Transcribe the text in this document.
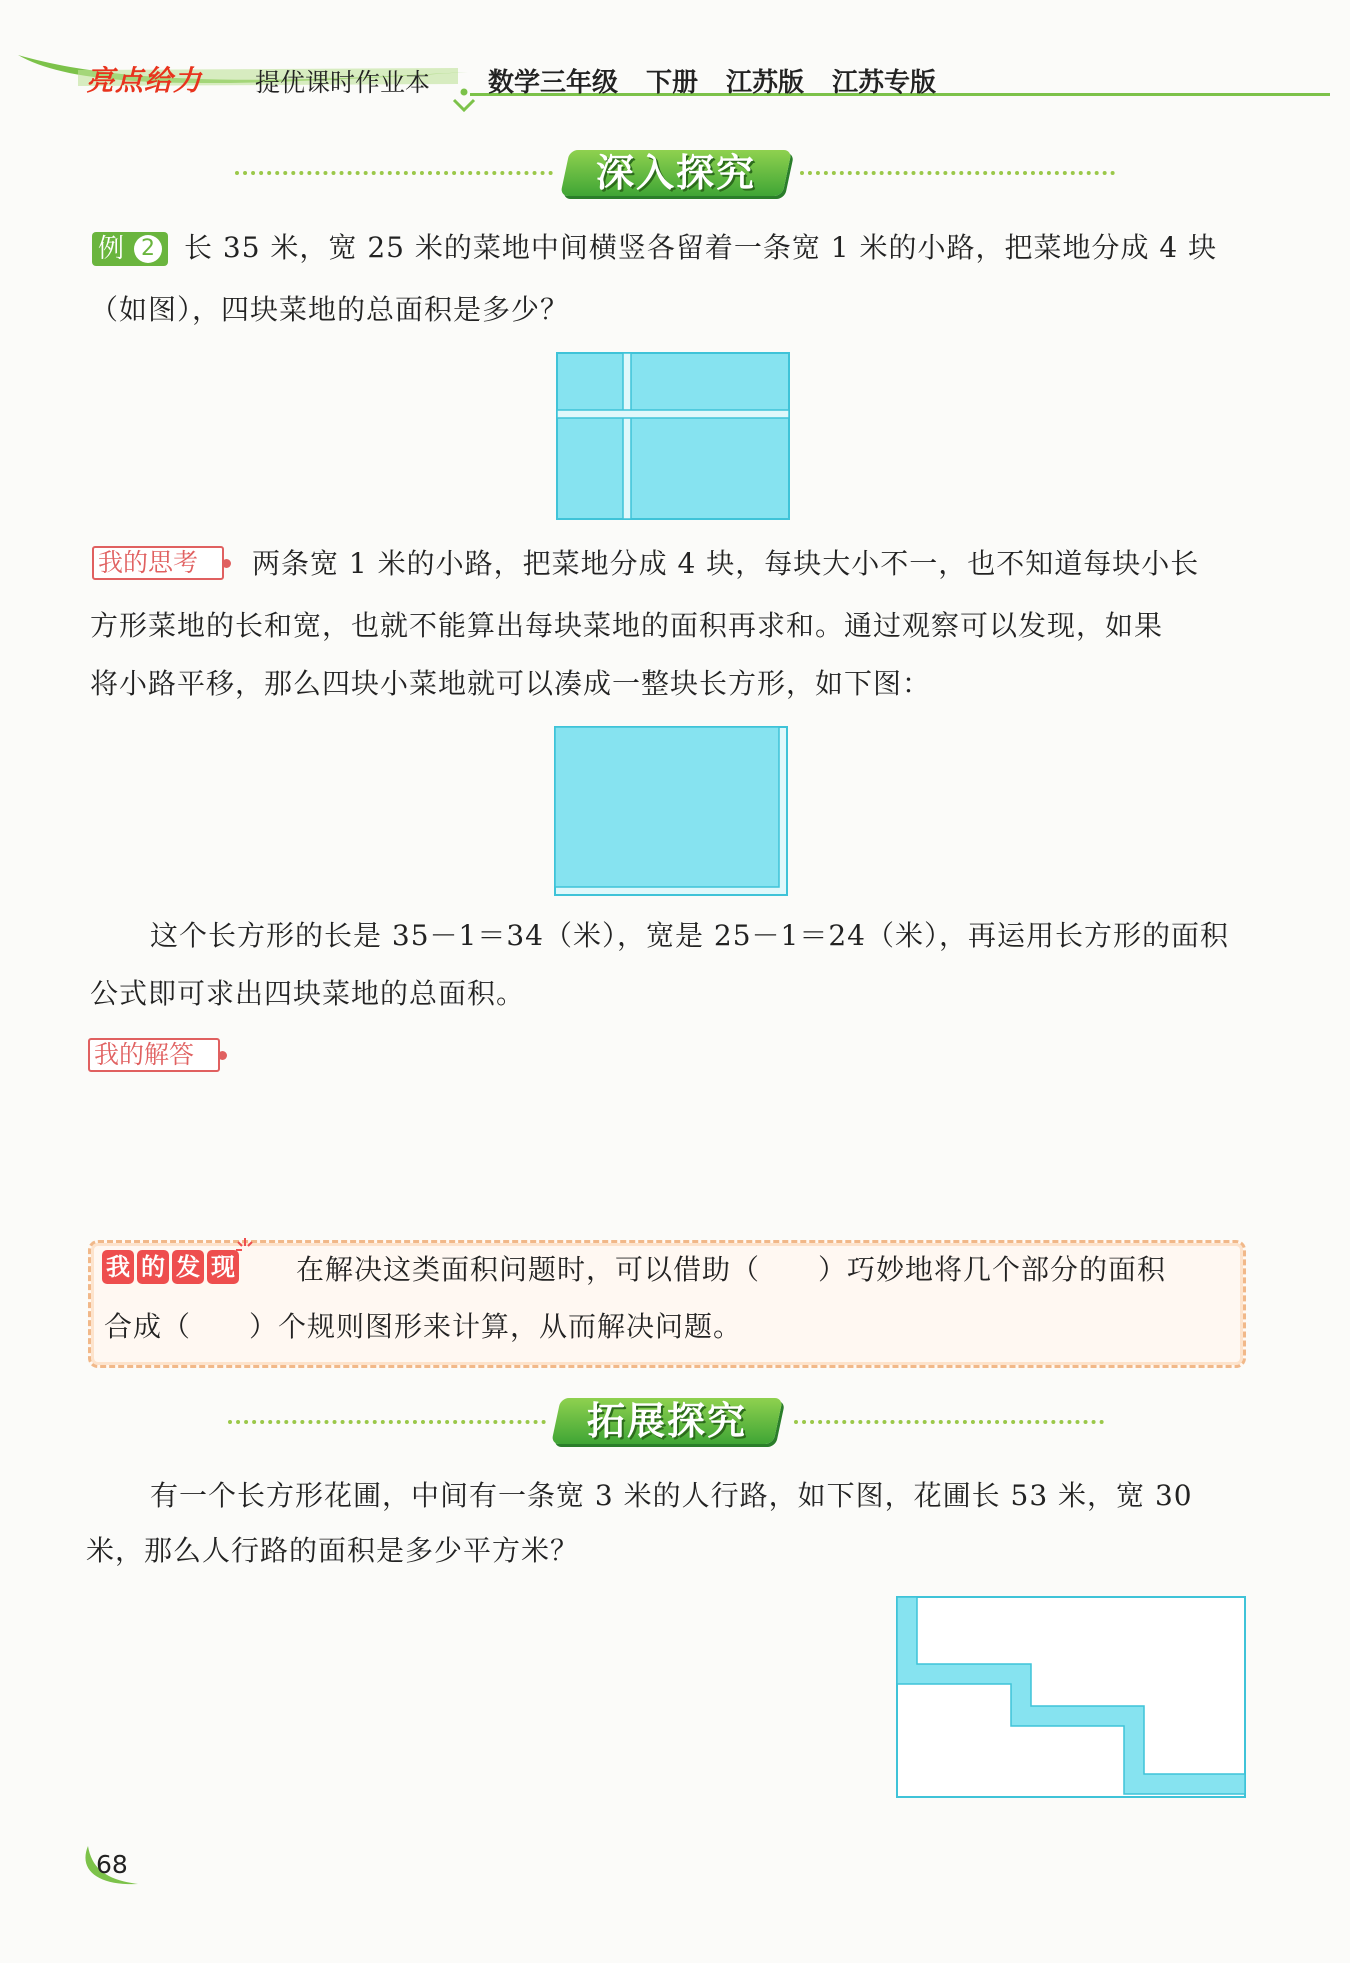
亮点给力 提优课时作业本 数学三年级 下册 江苏版 江苏专版
深入探究
例 2 长 35 米，宽 25 米的菜地中间横竖各留着一条宽 1 米的小路，把菜地分成 4 块
（如图），四块菜地的总面积是多少？
我的思考	两条宽 1 米的小路，把菜地分成 4 块，每块大小不一，也不知道每块小长
方形菜地的长和宽，也就不能算出每块菜地的面积再求和。通过观察可以发现，如果
将小路平移，那么四块小菜地就可以凑成一整块长方形，如下图：
这个长方形的长是 35－1＝34（米），宽是 25－1＝24（米），再运用长方形的面积
公式即可求出四块菜地的总面积。
我的解答
我 的 发 现 在解决这类面积问题时，可以借助（　　）巧妙地将几个部分的面积
合成（　　）个规则图形来计算，从而解决问题。
拓展探究
有一个长方形花圃，中间有一条宽 3 米的人行路，如下图，花圃长 53 米，宽 30
米，那么人行路的面积是多少平方米？
68
